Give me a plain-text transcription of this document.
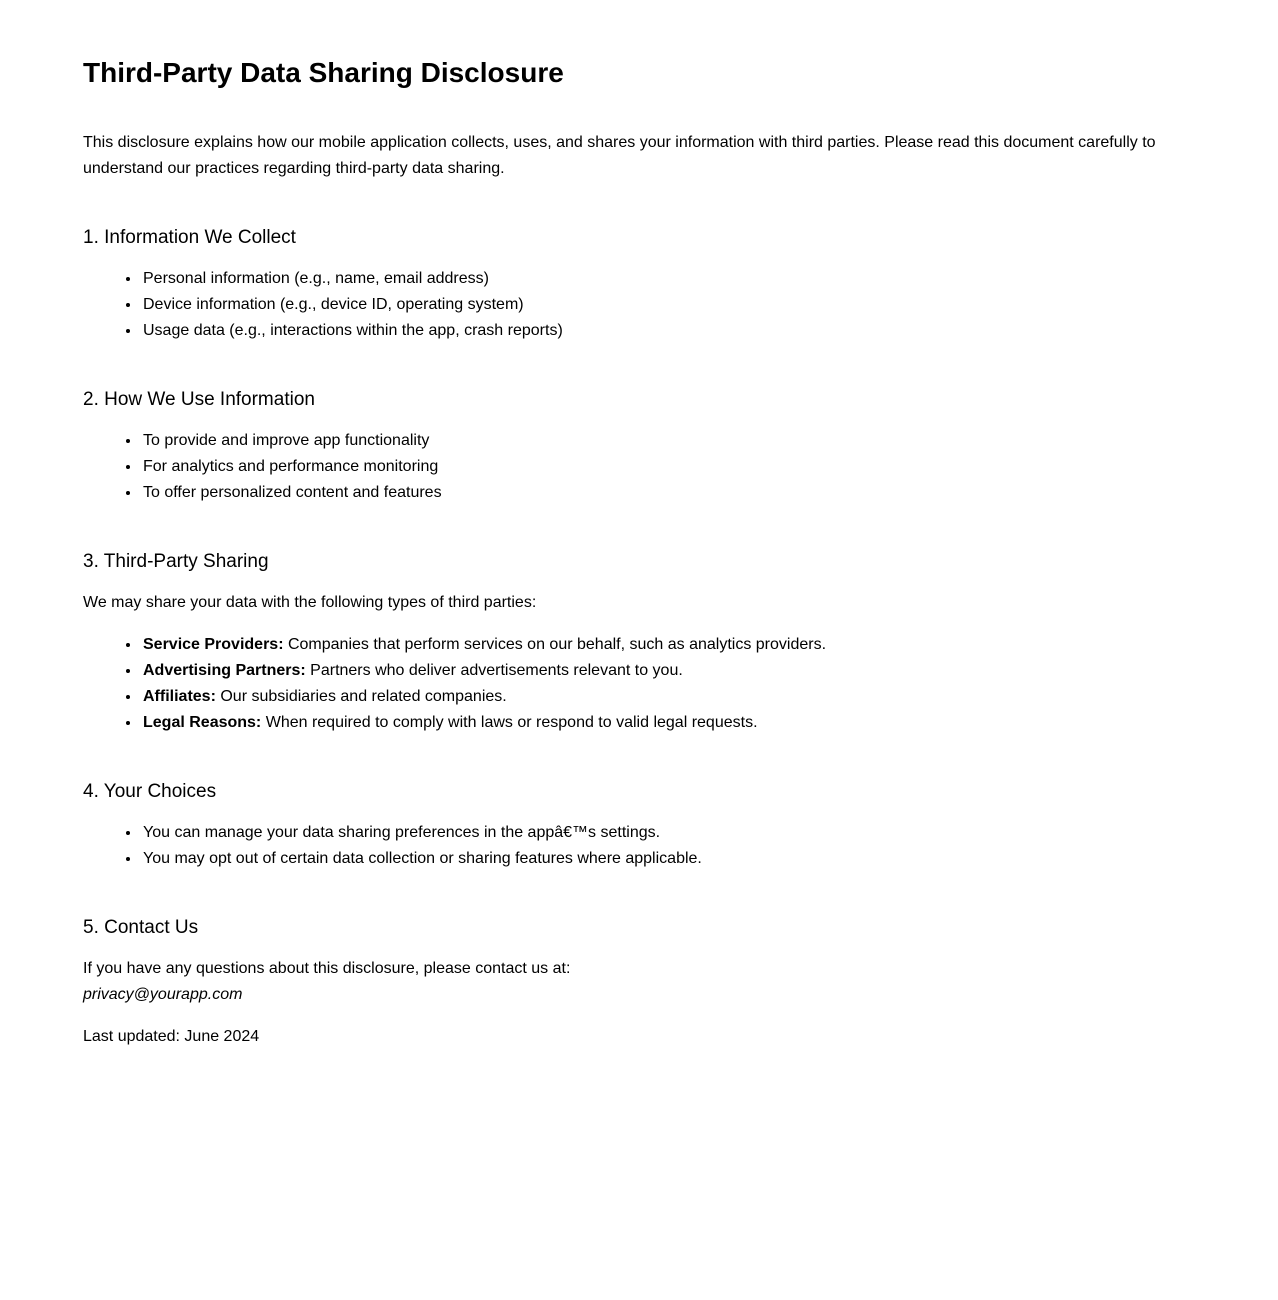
Third-Party Data Sharing Disclosure

This disclosure explains how our mobile application collects, uses, and shares your information with third parties. Please read this document carefully to understand our practices regarding third-party data sharing.

1. Information We Collect
• Personal information (e.g., name, email address)
• Device information (e.g., device ID, operating system)
• Usage data (e.g., interactions within the app, crash reports)
2. How We Use Information
• To provide and improve app functionality
• For analytics and performance monitoring
• To offer personalized content and features
3. Third-Party Sharing

We may share your data with the following types of third parties:

• Service Providers: Companies that perform services on our behalf, such as analytics providers.
• Advertising Partners: Partners who deliver advertisements relevant to you.
• Affiliates: Our subsidiaries and related companies.
• Legal Reasons: When required to comply with laws or respond to valid legal requests.
4. Your Choices
• You can manage your data sharing preferences in the appâ€™s settings.
• You may opt out of certain data collection or sharing features where applicable.
5. Contact Us

If you have any questions about this disclosure, please contact us at:
privacy@yourapp.com

Last updated: June 2024
